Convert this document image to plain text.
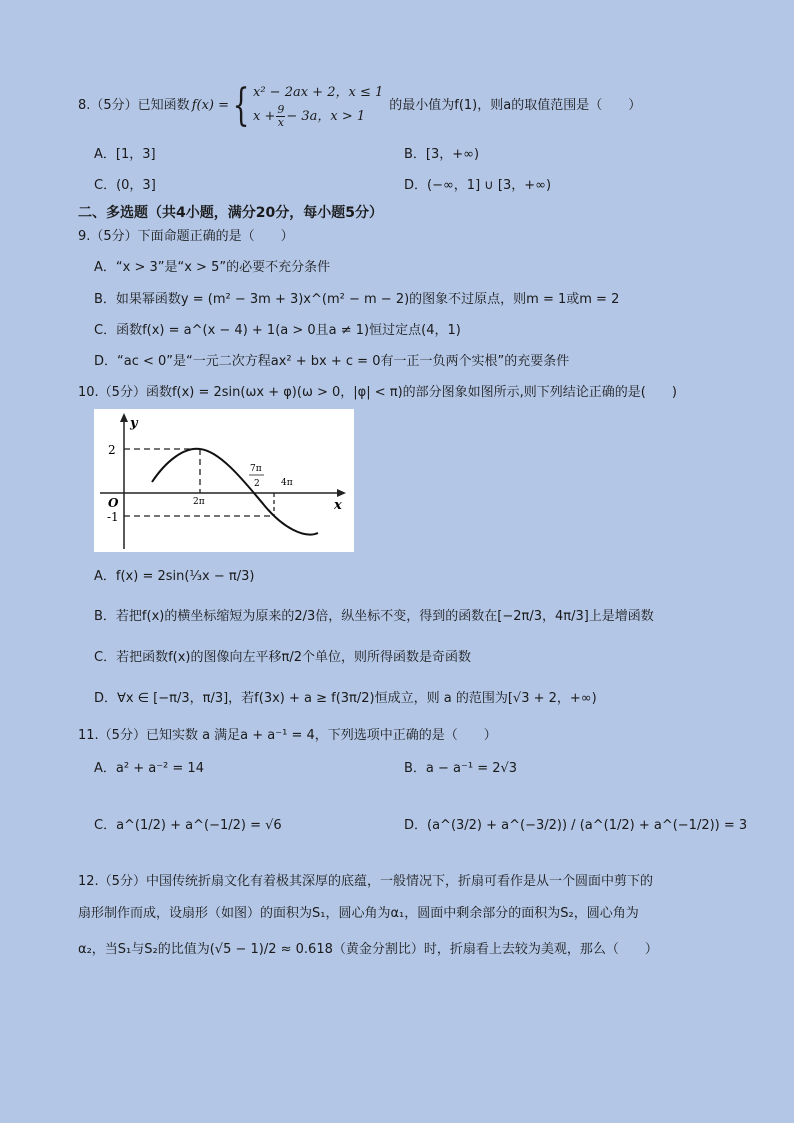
8.（5分）已知函数 f(x) = { x² − 2ax + 2，x ≤ 1
$x + \frac{9}{x} - 3a$，x > 1
的最小值为f(1)，则a的取值范围是（　　）
A．[1，3]	B．[3，+∞)
C．(0，3]	D．(−∞，1] ∪ [3，+∞)
二、多选题（共4小题，满分20分，每小题5分）
9.（5分）下面命题正确的是（　　）
A．“x > 3”是“x > 5”的必要不充分条件
B．如果幂函数y = (m² − 3m + 3)x^(m² − m − 2)的图象不过原点，则m = 1或m = 2
C．函数f(x) = a^(x − 4) + 1(a > 0且a ≠ 1)恒过定点(4，1)
D．“ac < 0”是“一元二次方程ax² + bx + c = 0有一正一负两个实根”的充要条件
10.（5分）函数f(x) = 2sin(ωx + φ)(ω > 0，|φ| < π)的部分图象如图所示,则下列结论正确的是(　　)
y
x
O
2
-1
2π
7π
2 4π
A．f(x) = 2sin(⅓x − π/3)
B．若把f(x)的横坐标缩短为原来的2/3倍，纵坐标不变，得到的函数在[−2π/3，4π/3]上是增函数
C．若把函数f(x)的图像向左平移π/2个单位，则所得函数是奇函数
D．∀x ∈ [−π/3，π/3]，若f(3x) + a ≥ f(3π/2)恒成立，则 a 的范围为[√3 + 2，+∞)
11.（5分）已知实数 a 满足a + a⁻¹ = 4，下列选项中正确的是（　　）
A．a² + a⁻² = 14	B．a − a⁻¹ = 2√3
C．a^(1/2) + a^(−1/2) = √6	D．(a^(3/2) + a^(−3/2)) / (a^(1/2) + a^(−1/2)) = 3
12.（5分）中国传统折扇文化有着极其深厚的底蕴，一般情况下，折扇可看作是从一个圆面中剪下的
扇形制作而成，设扇形（如图）的面积为S₁，圆心角为α₁，圆面中剩余部分的面积为S₂，圆心角为
α₂，当S₁与S₂的比值为(√5 − 1)/2 ≈ 0.618（黄金分割比）时，折扇看上去较为美观，那么（　　）
